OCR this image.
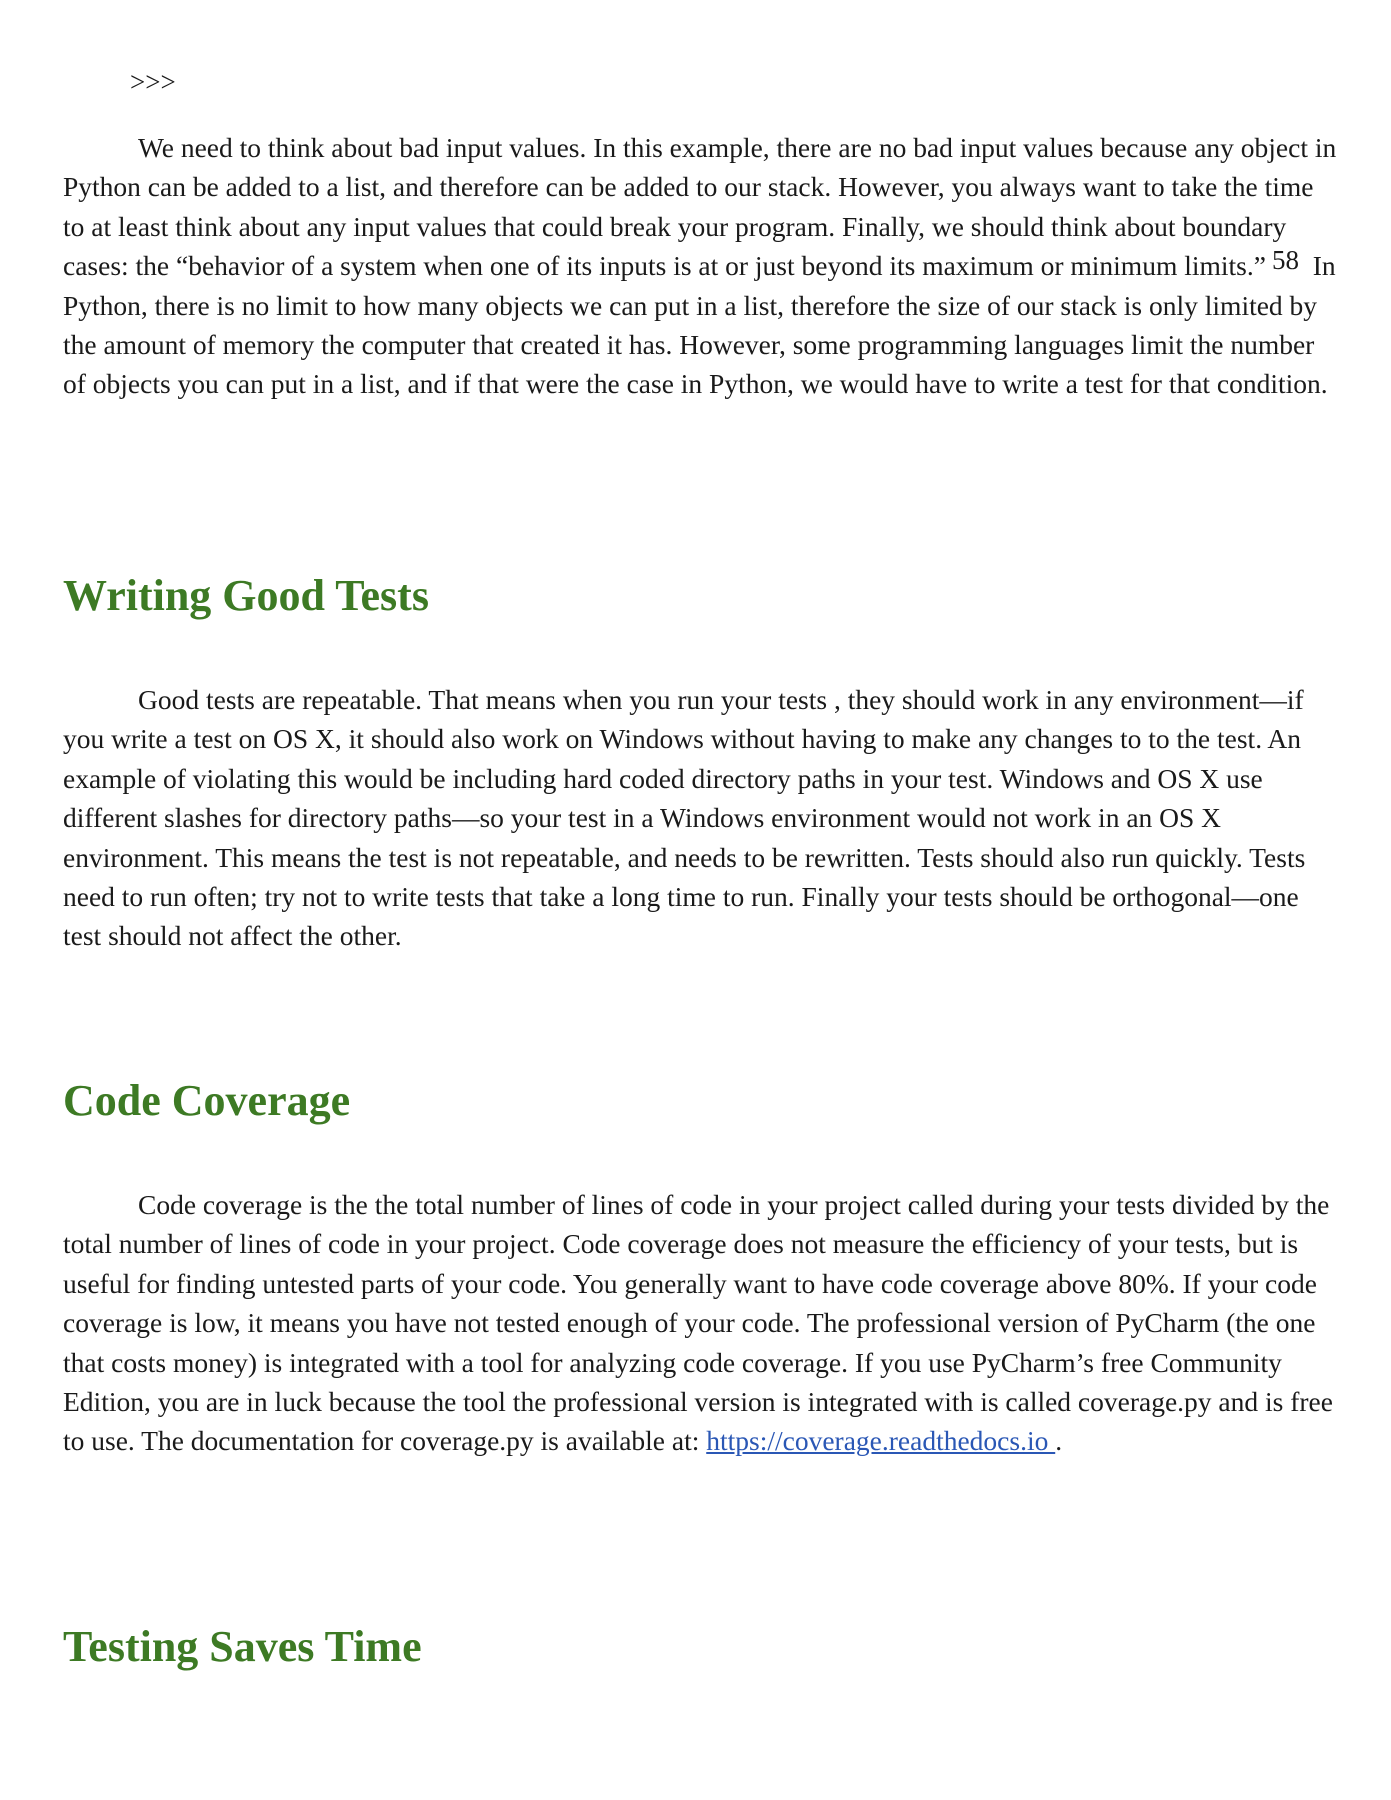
>>>

We need to think about bad input values. In this example, there are no bad input values because any object in Python can be added to a list, and therefore can be added to our stack. However, you always want to take the time to at least think about any input values that could break your program. Finally, we should think about boundary cases: the “behavior of a system when one of its inputs is at or just beyond its maximum or minimum limits.” $^{58}$ In Python, there is no limit to how many objects we can put in a list, therefore the size of our stack is only limited by the amount of memory the computer that created it has. However, some programming languages limit the number of objects you can put in a list, and if that were the case in Python, we would have to write a test for that condition.

Writing Good Tests

Good tests are repeatable. That means when you run your tests , they should work in any environment—if you write a test on OS X, it should also work on Windows without having to make any changes to to the test. An example of violating this would be including hard coded directory paths in your test. Windows and OS X use different slashes for directory paths—so your test in a Windows environment would not work in an OS X environment. This means the test is not repeatable, and needs to be rewritten. Tests should also run quickly. Tests need to run often; try not to write tests that take a long time to run. Finally your tests should be orthogonal—one test should not affect the other.

Code Coverage

Code coverage is the the total number of lines of code in your project called during your tests divided by the total number of lines of code in your project. Code coverage does not measure the efficiency of your tests, but is useful for finding untested parts of your code. You generally want to have code coverage above 80%. If your code coverage is low, it means you have not tested enough of your code. The professional version of PyCharm (the one that costs money) is integrated with a tool for analyzing code coverage. If you use PyCharm’s free Community Edition, you are in luck because the tool the professional version is integrated with is called coverage.py and is free to use. The documentation for coverage.py is available at: https://coverage.readthedocs.io .

Testing Saves Time
